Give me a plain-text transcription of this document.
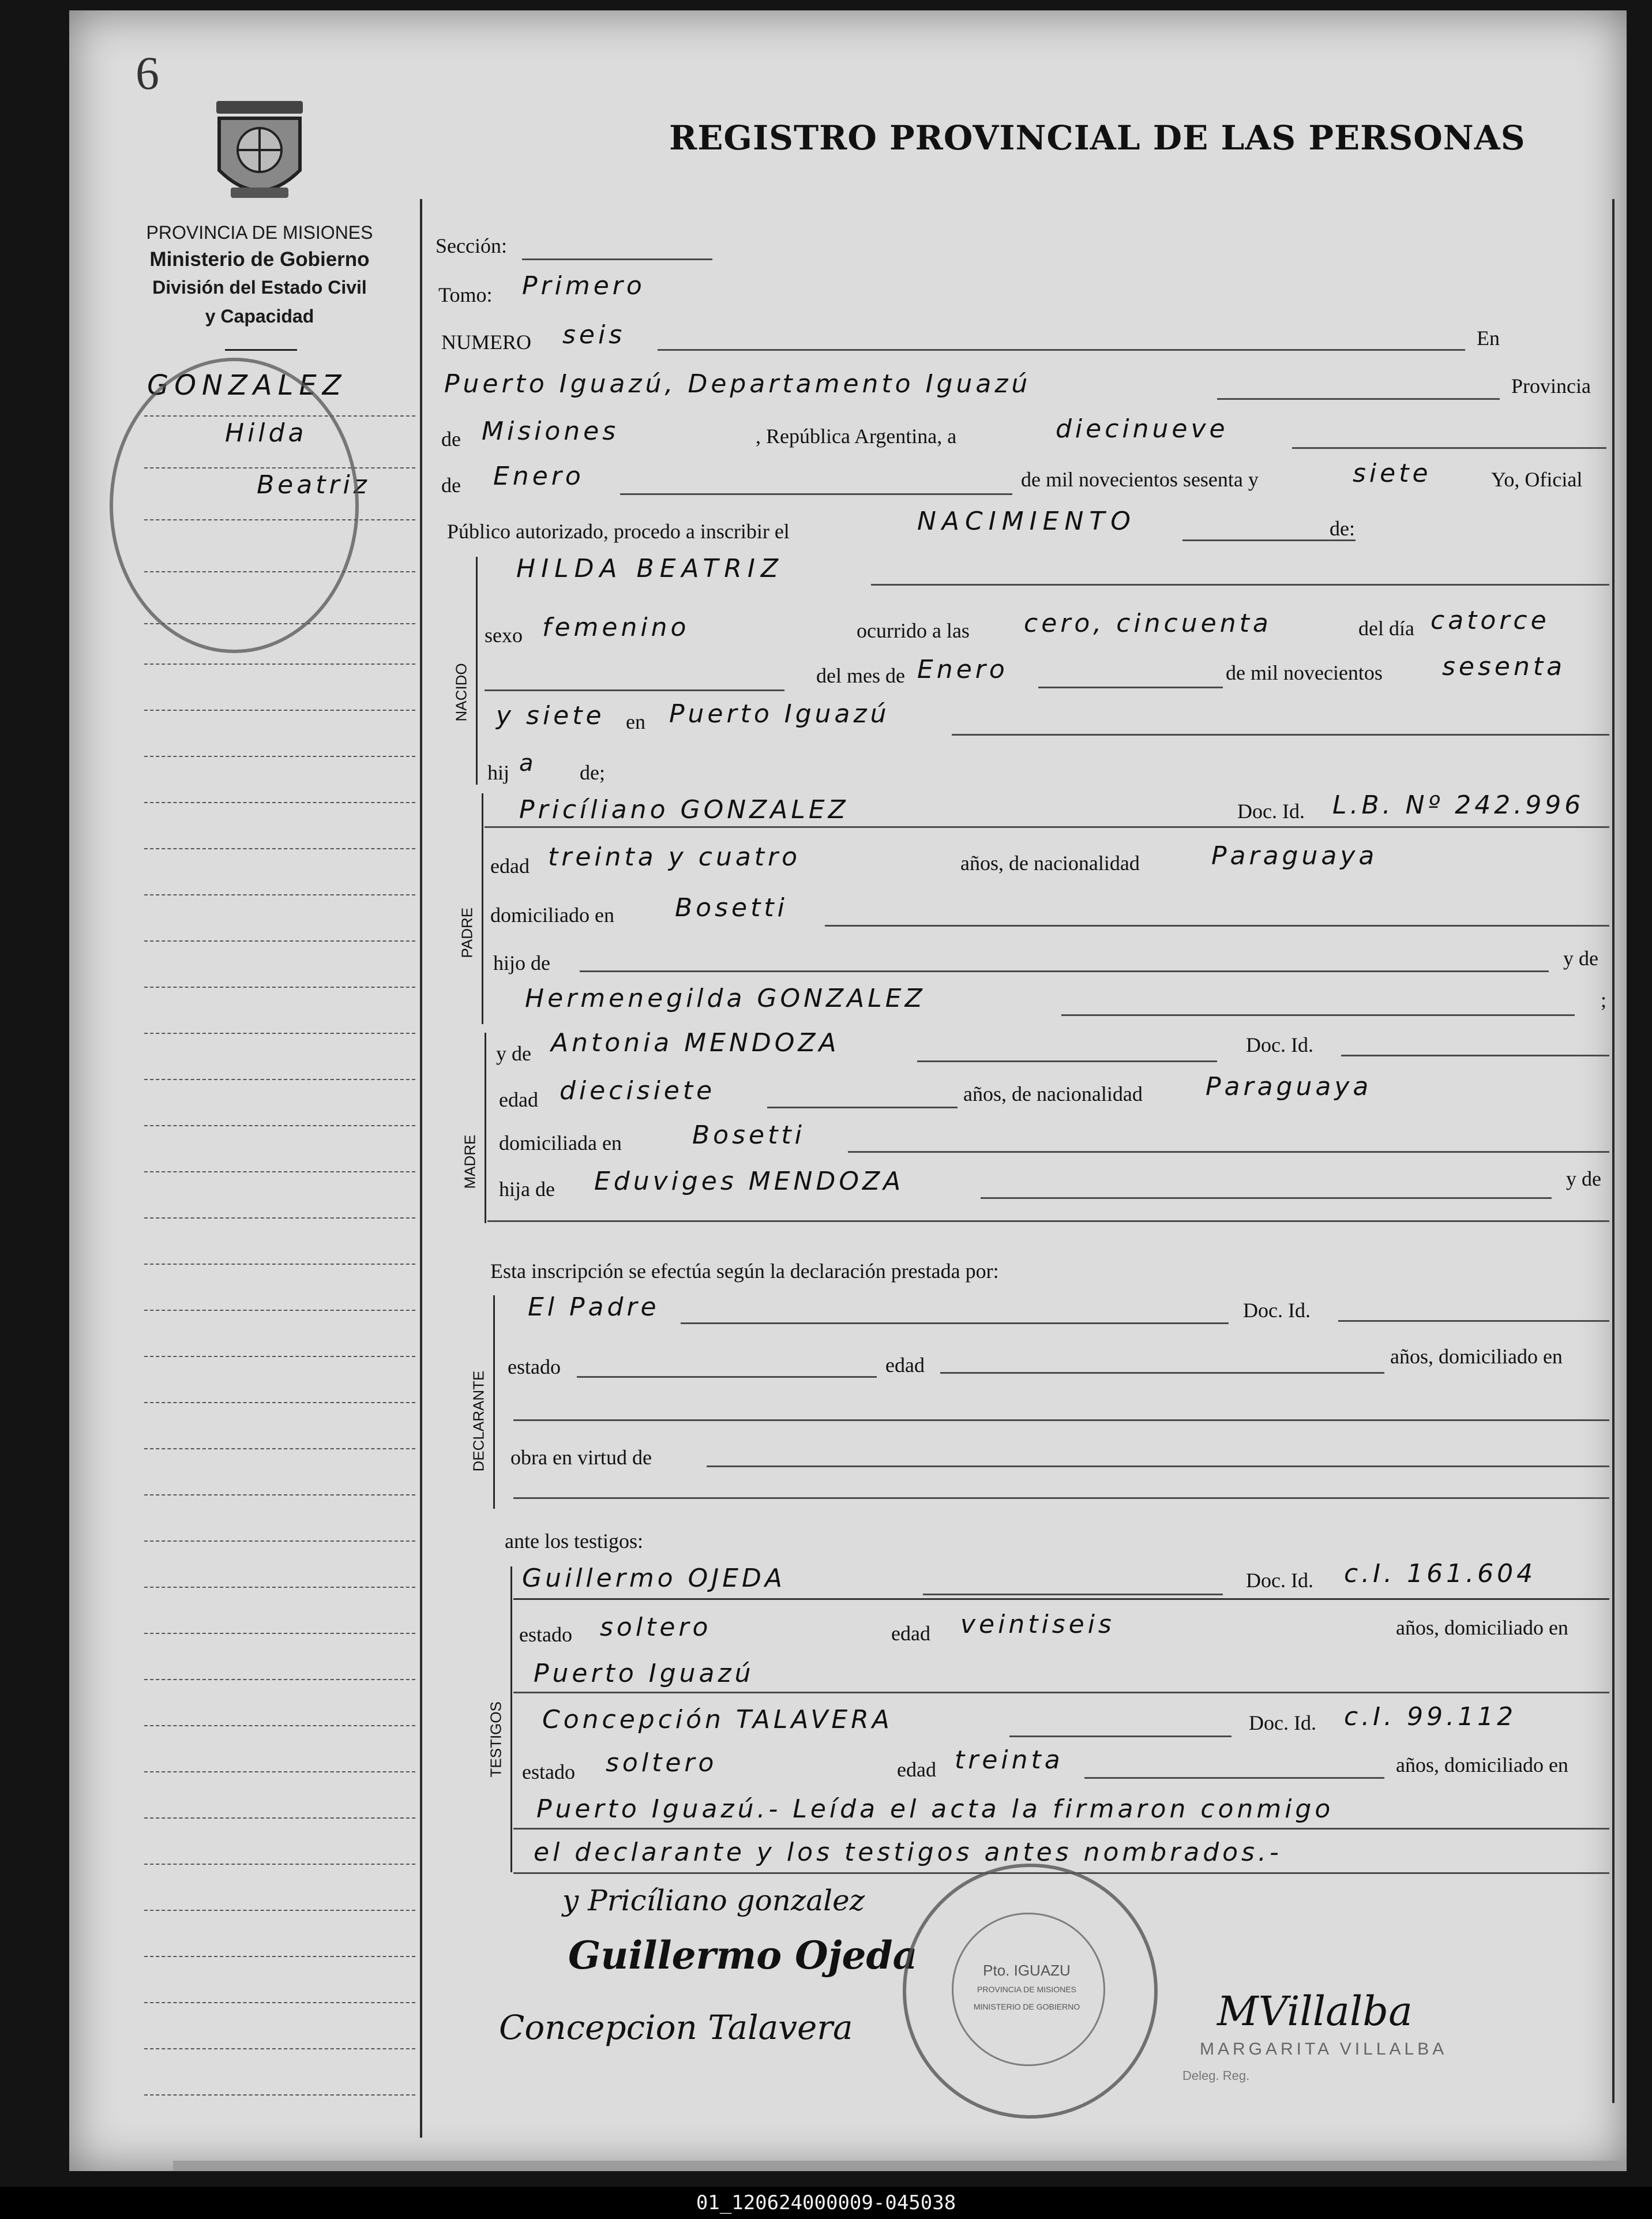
6
REGISTRO PROVINCIAL DE LAS PERSONAS
PROVINCIA DE MISIONES
Ministerio de Gobierno
División del Estado Civil
y Capacidad
GONZALEZ
Hilda
Beatriz
Sección:
Tomo: Primero
NUMERO seis	En
Puerto Iguazú, Departamento Iguazú	Provincia
de Misiones	, República Argentina, a	diecinueve
de Enero	de mil novecientos sesenta y	siete	Yo, Oficial
Público autorizado, procedo a inscribir el	NACIMIENTO	de:
NACIDO
HILDA BEATRIZ
sexo femenino	ocurrido a las cero, cincuenta	del día catorce
del mes de Enero	de mil novecientos sesenta
y siete en Puerto Iguazú
hij a de;
PADRE
Pricíliano GONZALEZ	Doc. Id. L.B. Nº 242.996
edad treinta y cuatro	años, de nacionalidad	Paraguaya
domiciliado en Bosetti
hijo de	y de
Hermenegilda GONZALEZ	;
MADRE
y de Antonia MENDOZA	Doc. Id.
edad diecisiete	años, de nacionalidad Paraguaya
domiciliada en	Bosetti
hija de Eduviges MENDOZA	y de
Esta inscripción se efectúa según la declaración prestada por:
DECLARANTE
El Padre	Doc. Id.
estado	edad	años, domiciliado en
obra en virtud de
ante los testigos:
TESTIGOS
Guillermo OJEDA	Doc. Id. c.I. 161.604
estado soltero	edad veintiseis	años, domiciliado en
Puerto Iguazú
Concepción TALAVERA	Doc. Id. c.I. 99.112
estado soltero	edad treinta	años, domiciliado en
Puerto Iguazú.- Leída el acta la firmaron conmigo
el declarante y los testigos antes nombrados.-
y Pricíliano gonzalez
Guillermo Ojeda
Concepcion Talavera	MVillalba
MARGARITA VILLALBA
Deleg. Reg.
Pto. IGUAZU
PROVINCIA DE MISIONES
MINISTERIO DE GOBIERNO
01_120624000009-045038
